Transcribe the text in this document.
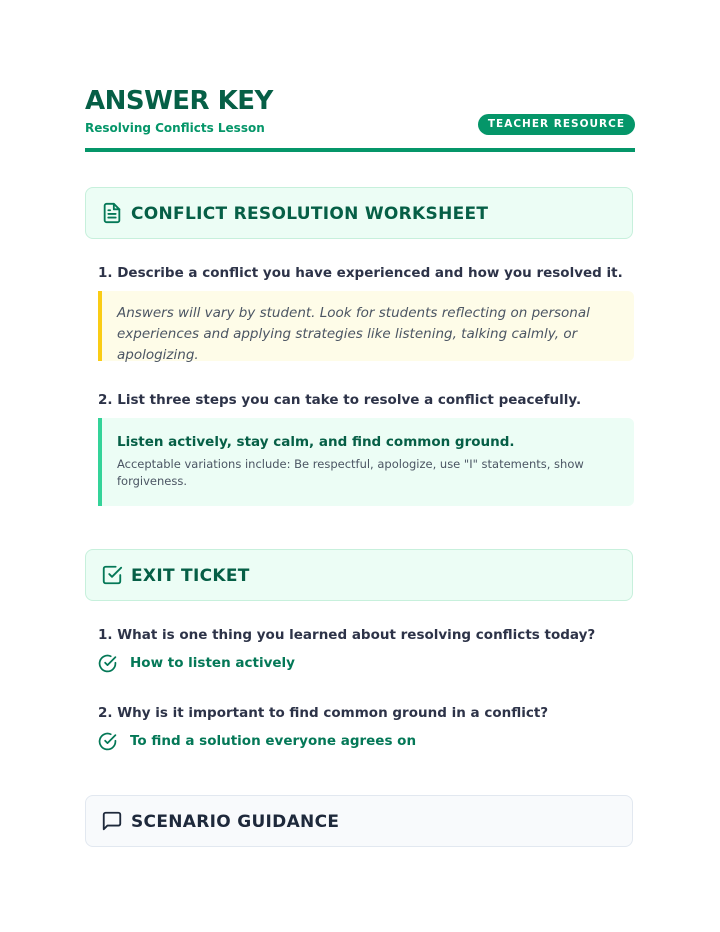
ANSWER KEY
Resolving Conflicts Lesson	TEACHER RESOURCE
CONFLICT RESOLUTION WORKSHEET
1. Describe a conflict you have experienced and how you resolved it.
Answers will vary by student. Look for students reflecting on personal experiences and applying strategies like listening, talking calmly, or apologizing.
2. List three steps you can take to resolve a conflict peacefully.
Listen actively, stay calm, and find common ground.
Acceptable variations include: Be respectful, apologize, use "I" statements, show forgiveness.
EXIT TICKET
1. What is one thing you learned about resolving conflicts today?
How to listen actively
2. Why is it important to find common ground in a conflict?
To find a solution everyone agrees on
SCENARIO GUIDANCE
